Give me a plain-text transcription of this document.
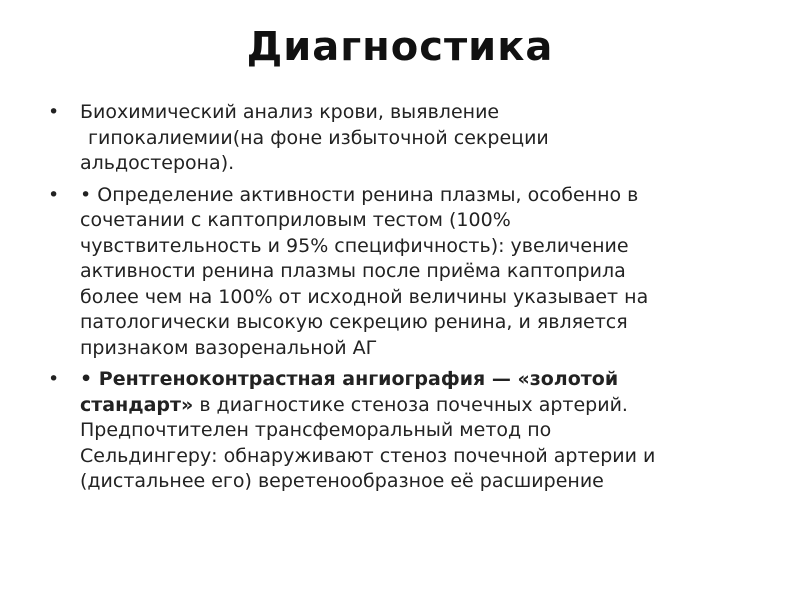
Диагностика
• Биохимический анализ крови, выявление
гипокалиемии(на фоне избыточной секреции
альдостерона).
• • Определение активности ренина плазмы, особенно в
сочетании с каптоприловым тестом (100%
чувствительность и 95% специфичность): увеличение
активности ренина плазмы после приёма каптоприла
более чем на 100% от исходной величины указывает на
патологически высокую секрецию ренина, и является
признаком вазоренальной АГ
• • Рентгеноконтрастная ангиография — «золотой
стандарт» в диагностике стеноза почечных артерий.
Предпочтителен трансфеморальный метод по
Сельдингеру: обнаруживают стеноз почечной артерии и
(дистальнее его) веретенообразное её расширение
